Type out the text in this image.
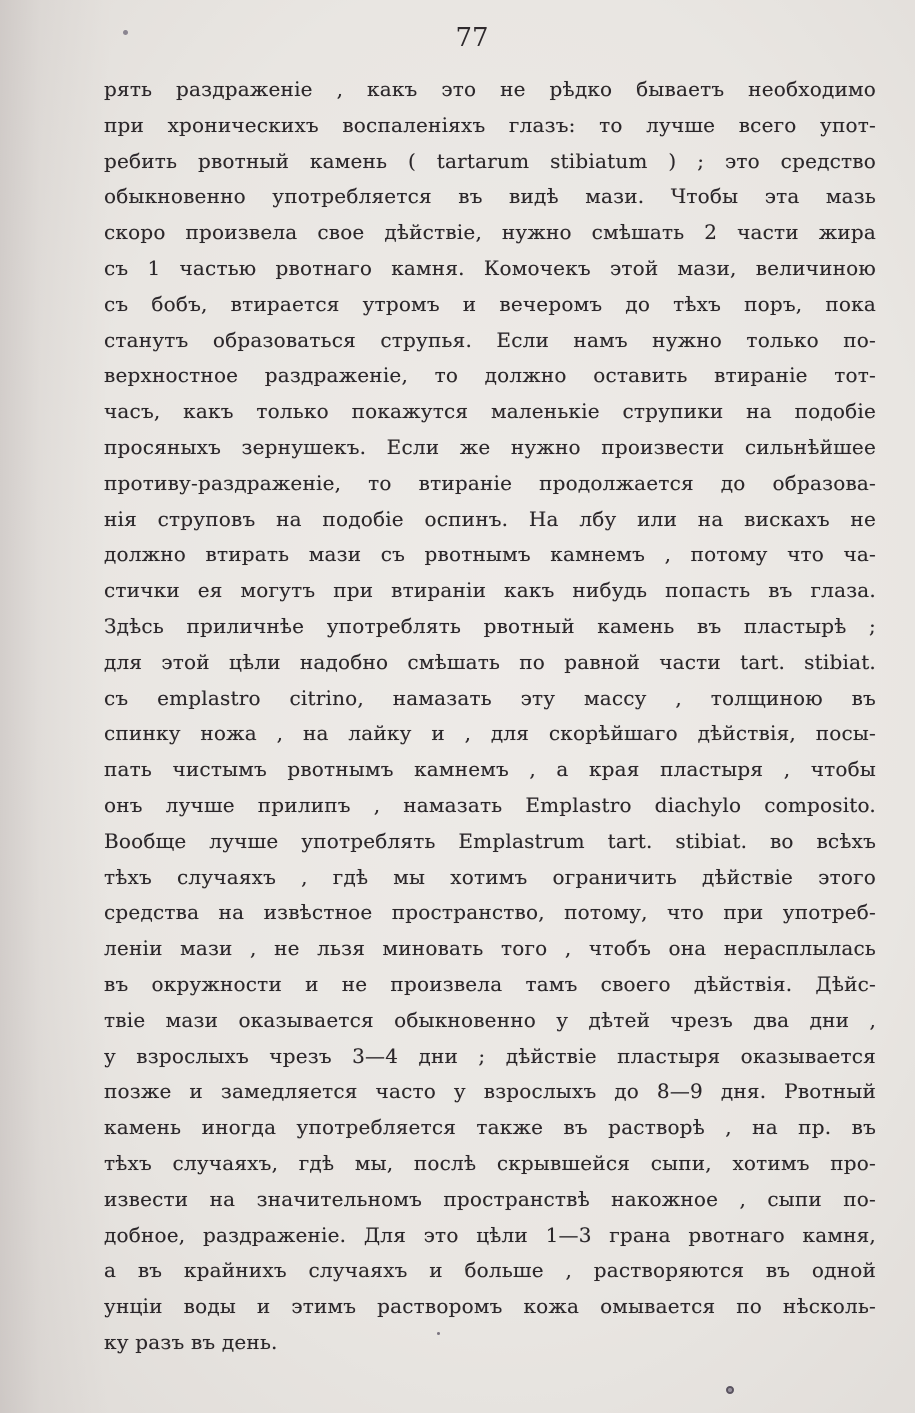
77
рять раздраженіе , какъ это не рѣдко бываетъ необходимо
при хроническихъ воспаленіяхъ глазъ: то лучше всего упот-
ребить рвотный камень ( tartarum stibiatum ) ; это средство
обыкновенно употребляется въ видѣ мази. Чтобы эта мазь
скоро произвела свое дѣйствіе, нужно смѣшать 2 части жира
съ 1 частью рвотнаго камня. Комочекъ этой мази, величиною
съ бобъ, втирается утромъ и вечеромъ до тѣхъ поръ, пока
станутъ образоваться струпья. Если намъ нужно только по-
верхностное раздраженіе, то должно оставить втираніе тот-
часъ, какъ только покажутся маленькіе струпики на подобіе
просяныхъ зернушекъ. Если же нужно произвести сильнѣйшее
противу-раздраженіе, то втираніе продолжается до образова-
нія струповъ на подобіе оспинъ. На лбу или на вискахъ не
должно втирать мази съ рвотнымъ камнемъ , потому что ча-
стички ея могутъ при втираніи какъ нибудь попасть въ глаза.
Здѣсь приличнѣе употреблять рвотный камень въ пластырѣ ;
для этой цѣли надобно смѣшать по равной части tart. stibiat.
съ emplastro citrino, намазать эту массу , толщиною въ
спинку ножа , на лайку и , для скорѣйшаго дѣйствія, посы-
пать чистымъ рвотнымъ камнемъ , а края пластыря , чтобы
онъ лучше прилипъ , намазать Emplastro diachylo composito.
Вообще лучше употреблять Emplastrum tart. stibiat. во всѣхъ
тѣхъ случаяхъ , гдѣ мы хотимъ ограничить дѣйствіе этого
средства на извѣстное пространство, потому, что при употреб-
леніи мази , не льзя миновать того , чтобъ она нерасплылась
въ окружности и не произвела тамъ своего дѣйствія. Дѣйс-
твіе мази оказывается обыкновенно у дѣтей чрезъ два дни ,
у взрослыхъ чрезъ 3—4 дни ; дѣйствіе пластыря оказывается
позже и замедляется часто у взрослыхъ до 8—9 дня. Рвотный
камень иногда употребляется также въ растворѣ , на пр. въ
тѣхъ случаяхъ, гдѣ мы, послѣ скрывшейся сыпи, хотимъ про-
извести на значительномъ пространствѣ накожное , сыпи по-
добное, раздраженіе. Для это цѣли 1—3 грана рвотнаго камня,
а въ крайнихъ случаяхъ и больше , растворяются въ одной
унціи воды и этимъ растворомъ кожа омывается по нѣсколь-
ку разъ въ день.
